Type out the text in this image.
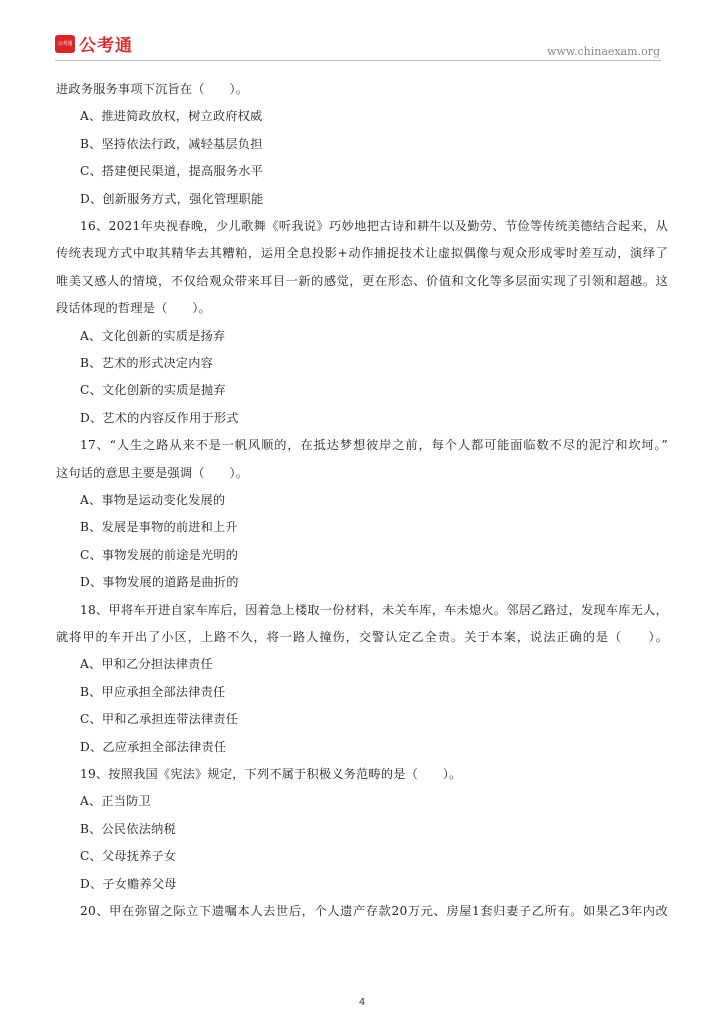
公考通 公考通	www.chinaexam.org
进政务服务事项下沉旨在（　　）。
A、推进简政放权，树立政府权威
B、坚持依法行政，减轻基层负担
C、搭建便民渠道，提高服务水平
D、创新服务方式，强化管理职能
16、2021年央视春晚，少儿歌舞《听我说》巧妙地把古诗和耕牛以及勤劳、节俭等传统美德结合起来，从
传统表现方式中取其精华去其糟粕，运用全息投影+动作捕捉技术让虚拟偶像与观众形成零时差互动，演绎了
唯美又感人的情境，不仅给观众带来耳目一新的感觉，更在形态、价值和文化等多层面实现了引领和超越。这
段话体现的哲理是（　　）。
A、文化创新的实质是扬弃
B、艺术的形式决定内容
C、文化创新的实质是抛弃
D、艺术的内容反作用于形式
17、“人生之路从来不是一帆风顺的，在抵达梦想彼岸之前，每个人都可能面临数不尽的泥泞和坎坷。”
这句话的意思主要是强调（　　）。
A、事物是运动变化发展的
B、发展是事物的前进和上升
C、事物发展的前途是光明的
D、事物发展的道路是曲折的
18、甲将车开进自家车库后，因着急上楼取一份材料，未关车库，车未熄火。邻居乙路过，发现车库无人，
就将甲的车开出了小区，上路不久，将一路人撞伤，交警认定乙全责。关于本案，说法正确的是（　　）。
A、甲和乙分担法律责任
B、甲应承担全部法律责任
C、甲和乙承担连带法律责任
D、乙应承担全部法律责任
19、按照我国《宪法》规定，下列不属于积极义务范畴的是（　　）。
A、正当防卫
B、公民依法纳税
C、父母抚养子女
D、子女赡养父母
20、甲在弥留之际立下遗嘱本人去世后，个人遗产存款20万元、房屋1套归妻子乙所有。如果乙3年内改
4
